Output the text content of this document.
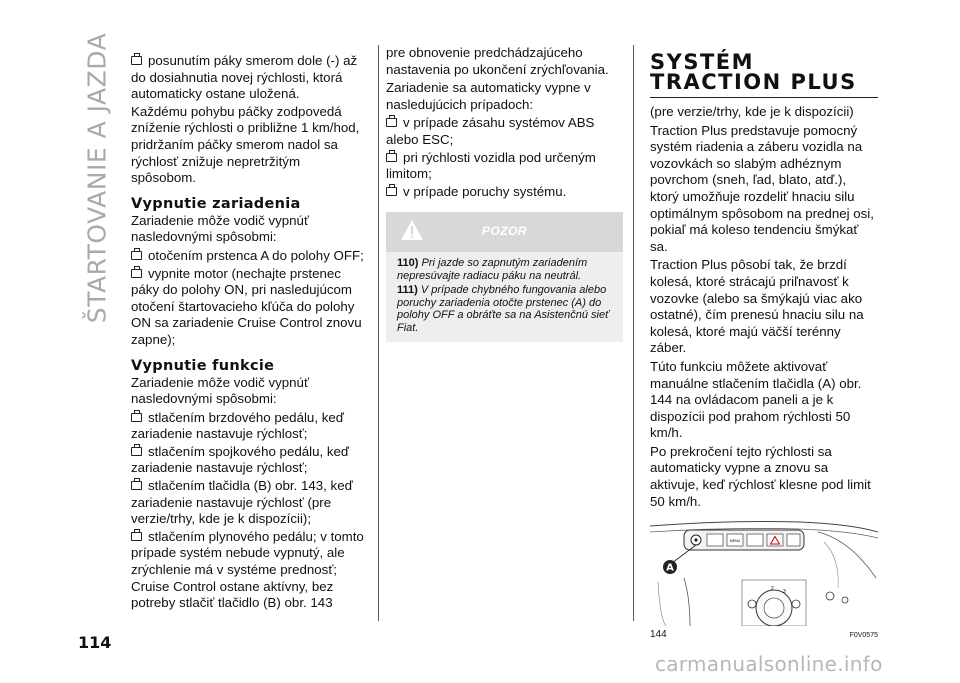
ŠTARTOVANIE A JAZDA	posunutím páky smerom dole (-) až do dosiahnutia novej rýchlosti, ktorá automaticky ostane uložená.

Každému pohybu páčky zodpovedá zníženie rýchlosti o približne 1 km/hod, pridržaním páčky smerom nadol sa rýchlosť znižuje nepretržitým spôsobom.

Vypnutie zariadenia

Zariadenie môže vodič vypnúť nasledovnými spôsobmi:

otočením prstenca A do polohy OFF;

vypnite motor (nechajte prstenec páky do polohy ON, pri nasledujúcom otočení štartovacieho kľúča do polohy ON sa zariadenie Cruise Control znovu zapne);

Vypnutie funkcie

Zariadenie môže vodič vypnúť nasledovnými spôsobmi:

stlačením brzdového pedálu, keď zariadenie nastavuje rýchlosť;

stlačením spojkového pedálu, keď zariadenie nastavuje rýchlosť;

stlačením tlačidla (B) obr. 143, keď zariadenie nastavuje rýchlosť (pre verzie/trhy, kde je k dispozícii);

stlačením plynového pedálu; v tomto prípade systém nebude vypnutý, ale zrýchlenie má v systéme prednosť; Cruise Control ostane aktívny, bez potreby stlačiť tlačidlo (B) obr. 143

pre obnovenie predchádzajúceho nastavenia po ukončení zrýchľovania.

Zariadenie sa automaticky vypne v nasledujúcich prípadoch:

v prípade zásahu systémov ABS alebo ESC;

pri rýchlosti vozidla pod určeným limitom;

v prípade poruchy systému.

POZOR

110) Pri jazde so zapnutým zariadením nepresúvajte radiacu páku na neutrál.

111) V prípade chybného fungovania alebo poruchy zariadenia otočte prstenec (A) do polohy OFF a obráťte sa na Asistenčnú sieť Fiat.

SYSTÉM TRACTION PLUS

(pre verzie/trhy, kde je k dispozícii)

Traction Plus predstavuje pomocný systém riadenia a záberu vozidla na vozovkách so slabým adhéznym povrchom (sneh, ľad, blato, atď.), ktorý umožňuje rozdeliť hnaciu silu optimálnym spôsobom na prednej osi, pokiaľ má koleso tendenciu šmýkať sa.

Traction Plus pôsobí tak, že brzdí kolesá, ktoré strácajú priľnavosť k vozovke (alebo sa šmýkajú viac ako ostatné), čím prenesú hnaciu silu na kolesá, ktoré majú väčší terénny záber.

Túto funkciu môžete aktivovať manuálne stlačením tlačidla (A) obr. 144 na ovládacom paneli a je k dispozícii pod prahom rýchlosti 50 km/h.

Po prekročení tejto rýchlosti sa automaticky vypne a znovu sa aktivuje, keď rýchlosť klesne pod limit 50 km/h.

MENU
A
2 3
144	F0V0575
114
carmanualsonline.info
